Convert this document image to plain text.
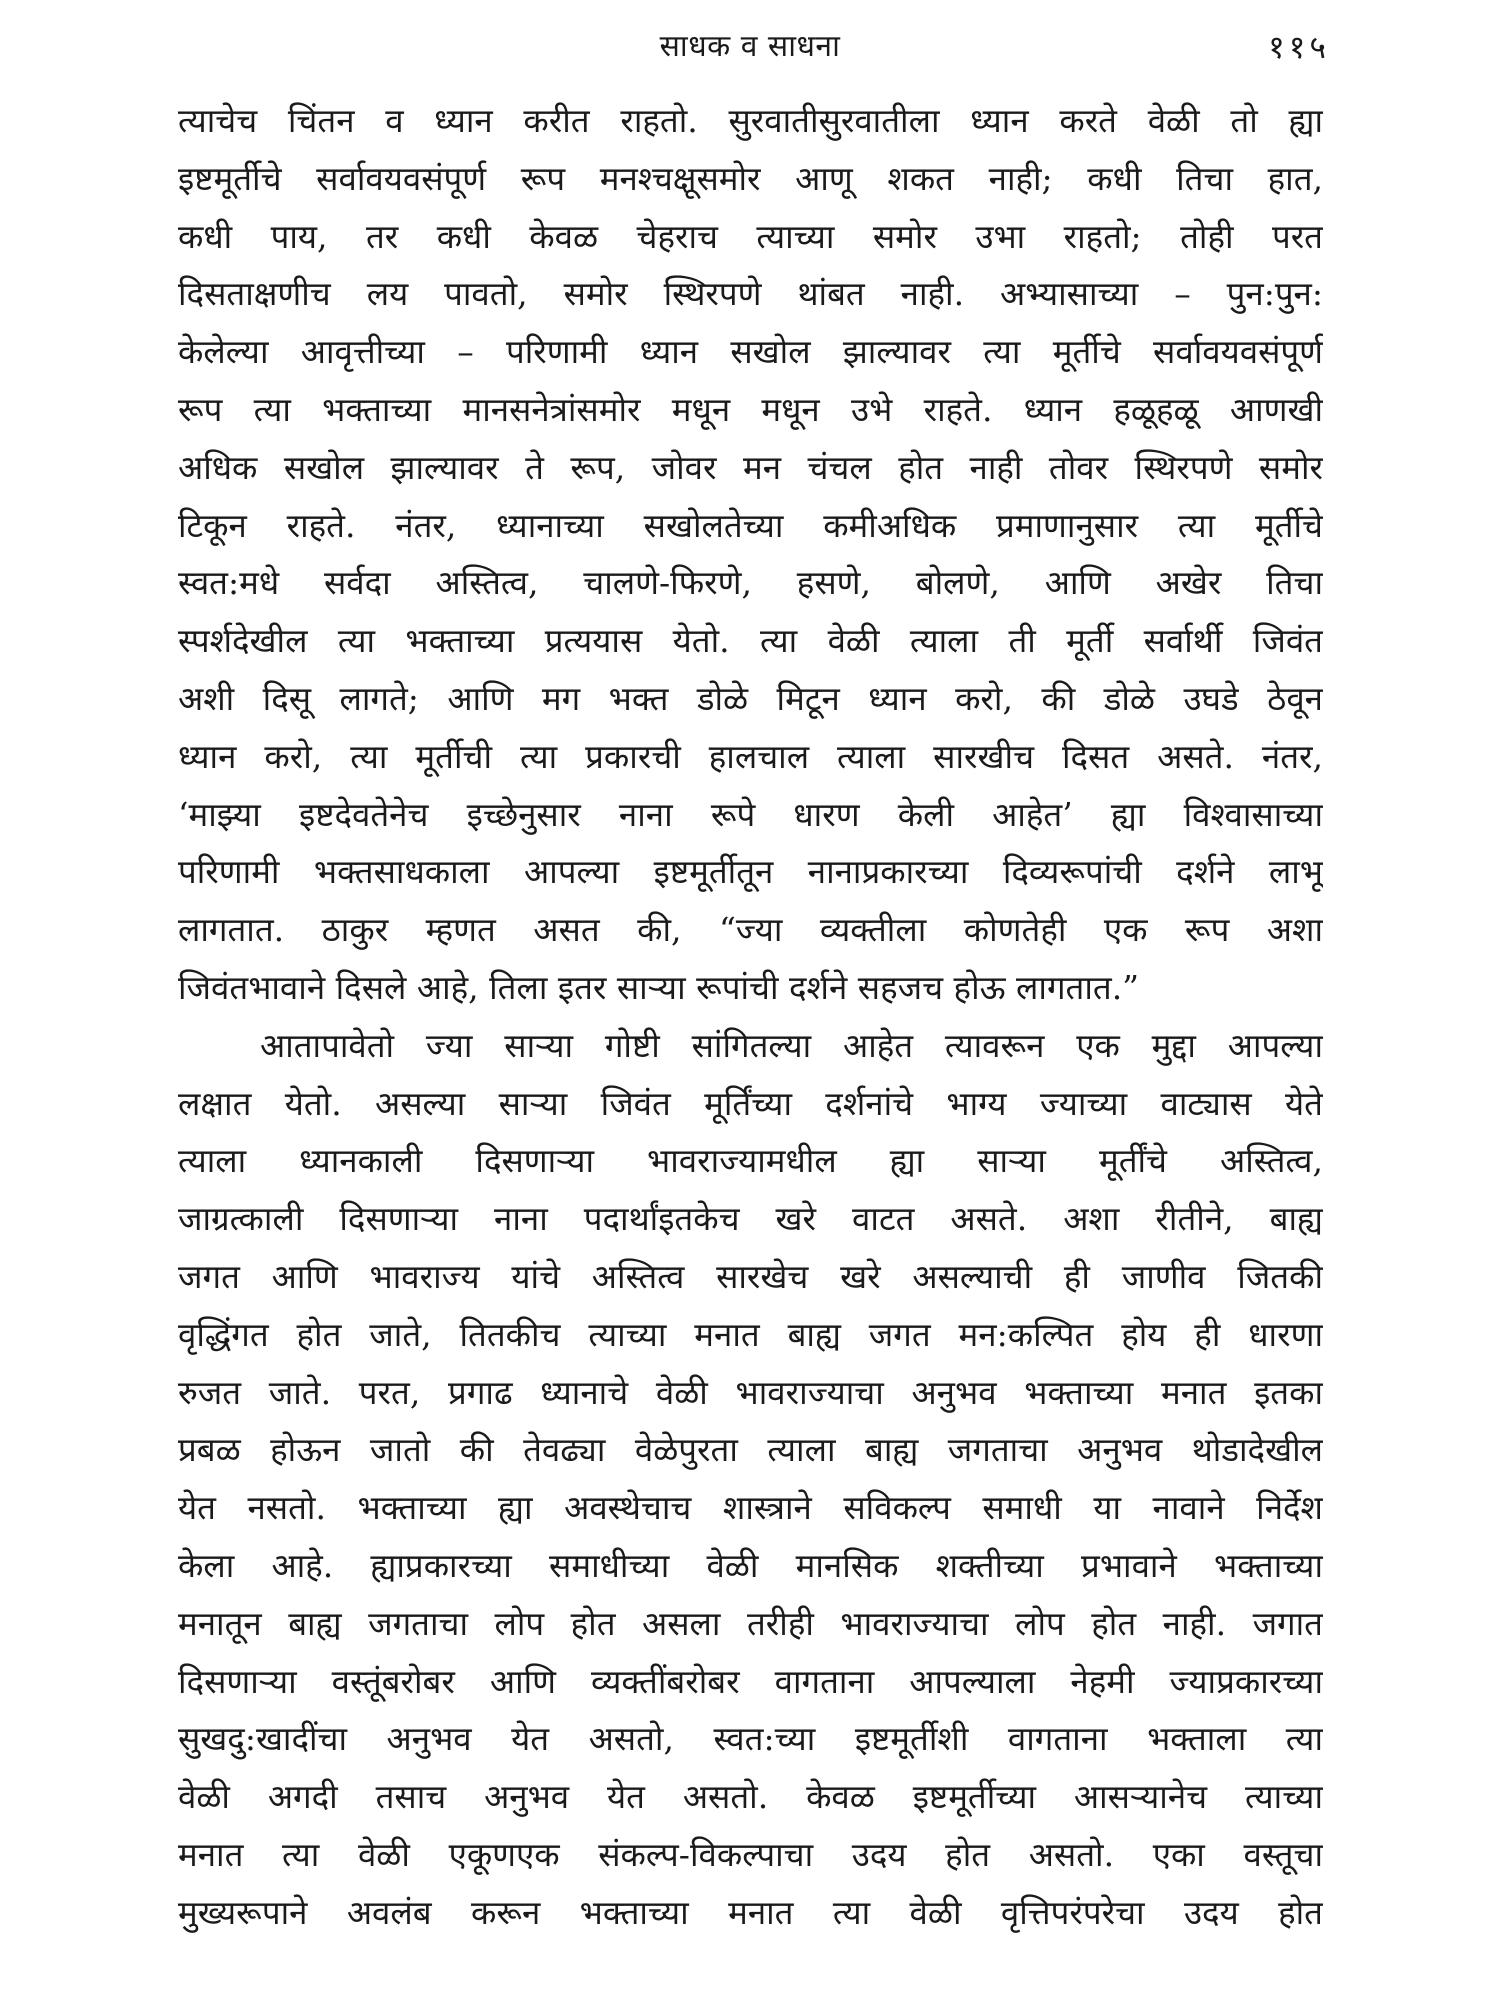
साधक व साधना	११५
त्याचेच चिंतन व ध्यान करीत राहतो. सुरवातीसुरवातीला ध्यान करते वेळी तो ह्या
इष्टमूर्तीचे सर्वावयवसंपूर्ण रूप मनश्चक्षूसमोर आणू शकत नाही; कधी तिचा हात,
कधी पाय, तर कधी केवळ चेहराच त्याच्या समोर उभा राहतो; तोही परत
दिसताक्षणीच लय पावतो, समोर स्थिरपणे थांबत नाही. अभ्यासाच्या – पुन:पुन:
केलेल्या आवृत्तीच्या – परिणामी ध्यान सखोल झाल्यावर त्या मूर्तीचे सर्वावयवसंपूर्ण
रूप त्या भक्ताच्या मानसनेत्रांसमोर मधून मधून उभे राहते. ध्यान हळूहळू आणखी
अधिक सखोल झाल्यावर ते रूप, जोवर मन चंचल होत नाही तोवर स्थिरपणे समोर
टिकून राहते. नंतर, ध्यानाच्या सखोलतेच्या कमीअधिक प्रमाणानुसार त्या मूर्तीचे
स्वत:मधे सर्वदा अस्तित्व, चालणे-फिरणे, हसणे, बोलणे, आणि अखेर तिचा
स्पर्शदेखील त्या भक्ताच्या प्रत्ययास येतो. त्या वेळी त्याला ती मूर्ती सर्वार्थी जिवंत
अशी दिसू लागते; आणि मग भक्त डोळे मिटून ध्यान करो, की डोळे उघडे ठेवून
ध्यान करो, त्या मूर्तीची त्या प्रकारची हालचाल त्याला सारखीच दिसत असते. नंतर,
‘माझ्या इष्टदेवतेनेच इच्छेनुसार नाना रूपे धारण केली आहेत’ ह्या विश्वासाच्या
परिणामी भक्तसाधकाला आपल्या इष्टमूर्तीतून नानाप्रकारच्या दिव्यरूपांची दर्शने लाभू
लागतात. ठाकुर म्हणत असत की, “ज्या व्यक्तीला कोणतेही एक रूप अशा
जिवंतभावाने दिसले आहे, तिला इतर साऱ्या रूपांची दर्शने सहजच होऊ लागतात.”
आतापावेतो ज्या साऱ्या गोष्टी सांगितल्या आहेत त्यावरून एक मुद्दा आपल्या
लक्षात येतो. असल्या साऱ्या जिवंत मूर्तिंच्या दर्शनांचे भाग्य ज्याच्या वाट्यास येते
त्याला ध्यानकाली दिसणाऱ्या भावराज्यामधील ह्या साऱ्या मूर्तींचे अस्तित्व,
जाग्रत्काली दिसणाऱ्या नाना पदार्थांइतकेच खरे वाटत असते. अशा रीतीने, बाह्य
जगत आणि भावराज्य यांचे अस्तित्व सारखेच खरे असल्याची ही जाणीव जितकी
वृद्धिंगत होत जाते, तितकीच त्याच्या मनात बाह्य जगत मन:कल्पित होय ही धारणा
रुजत जाते. परत, प्रगाढ ध्यानाचे वेळी भावराज्याचा अनुभव भक्ताच्या मनात इतका
प्रबळ होऊन जातो की तेवढ्या वेळेपुरता त्याला बाह्य जगताचा अनुभव थोडादेखील
येत नसतो. भक्ताच्या ह्या अवस्थेचाच शास्त्राने सविकल्प समाधी या नावाने निर्देश
केला आहे. ह्याप्रकारच्या समाधीच्या वेळी मानसिक शक्तीच्या प्रभावाने भक्ताच्या
मनातून बाह्य जगताचा लोप होत असला तरीही भावराज्याचा लोप होत नाही. जगात
दिसणाऱ्या वस्तूंबरोबर आणि व्यक्तींबरोबर वागताना आपल्याला नेहमी ज्याप्रकारच्या
सुखदु:खादींचा अनुभव येत असतो, स्वत:च्या इष्टमूर्तीशी वागताना भक्ताला त्या
वेळी अगदी तसाच अनुभव येत असतो. केवळ इष्टमूर्तीच्या आसऱ्यानेच त्याच्या
मनात त्या वेळी एकूणएक संकल्प-विकल्पाचा उदय होत असतो. एका वस्तूचा
मुख्यरूपाने अवलंब करून भक्ताच्या मनात त्या वेळी वृत्तिपरंपरेचा उदय होत
